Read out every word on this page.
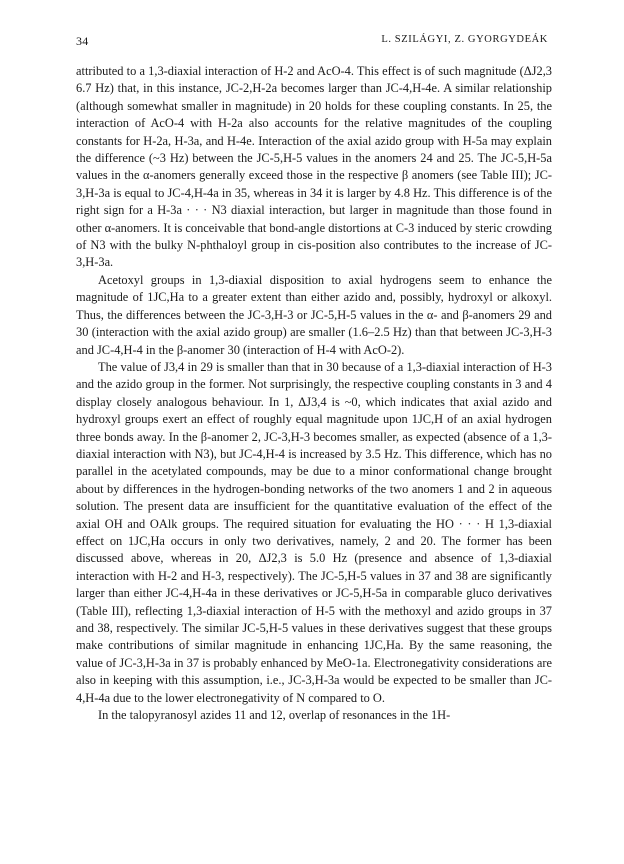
34	L. SZILÁGYI, Z. GYORGYDEÁK

attributed to a 1,3-diaxial interaction of H-2 and AcO-4. This effect is of such magnitude (ΔJ2,3 6.7 Hz) that, in this instance, JC-2,H-2a becomes larger than JC-4,H-4e. A similar relationship (although somewhat smaller in magnitude) in 20 holds for these coupling constants. In 25, the interaction of AcO-4 with H-2a also accounts for the relative magnitudes of the coupling constants for H-2a, H-3a, and H-4e. Interaction of the axial azido group with H-5a may explain the difference (~3 Hz) between the JC-5,H-5 values in the anomers 24 and 25. The JC-5,H-5a values in the α-anomers generally exceed those in the respective β anomers (see Table III); JC-3,H-3a is equal to JC-4,H-4a in 35, whereas in 34 it is larger by 4.8 Hz. This difference is of the right sign for a H-3a · · · N3 diaxial interaction, but larger in magnitude than those found in other α-anomers. It is conceivable that bond-angle distortions at C-3 induced by steric crowding of N3 with the bulky N-phthaloyl group in cis-position also contributes to the increase of JC-3,H-3a.

Acetoxyl groups in 1,3-diaxial disposition to axial hydrogens seem to enhance the magnitude of 1JC,Ha to a greater extent than either azido and, possibly, hydroxyl or alkoxyl. Thus, the differences between the JC-3,H-3 or JC-5,H-5 values in the α- and β-anomers 29 and 30 (interaction with the axial azido group) are smaller (1.6–2.5 Hz) than that between JC-3,H-3 and JC-4,H-4 in the β-anomer 30 (interaction of H-4 with AcO-2).

The value of J3,4 in 29 is smaller than that in 30 because of a 1,3-diaxial interaction of H-3 and the azido group in the former. Not surprisingly, the respective coupling constants in 3 and 4 display closely analogous behaviour. In 1, ΔJ3,4 is ~0, which indicates that axial azido and hydroxyl groups exert an effect of roughly equal magnitude upon 1JC,H of an axial hydrogen three bonds away. In the β-anomer 2, JC-3,H-3 becomes smaller, as expected (absence of a 1,3-diaxial interaction with N3), but JC-4,H-4 is increased by 3.5 Hz. This difference, which has no parallel in the acetylated compounds, may be due to a minor conformational change brought about by differences in the hydrogen-bonding networks of the two anomers 1 and 2 in aqueous solution. The present data are insufficient for the quantitative evaluation of the effect of the axial OH and OAlk groups. The required situation for evaluating the HO · · · H 1,3-diaxial effect on 1JC,Ha occurs in only two derivatives, namely, 2 and 20. The former has been discussed above, whereas in 20, ΔJ2,3 is 5.0 Hz (presence and absence of 1,3-diaxial interaction with H-2 and H-3, respectively). The JC-5,H-5 values in 37 and 38 are significantly larger than either JC-4,H-4a in these derivatives or JC-5,H-5a in comparable gluco derivatives (Table III), reflecting 1,3-diaxial interaction of H-5 with the methoxyl and azido groups in 37 and 38, respectively. The similar JC-5,H-5 values in these derivatives suggest that these groups make contributions of similar magnitude in enhancing 1JC,Ha. By the same reasoning, the value of JC-3,H-3a in 37 is probably enhanced by MeO-1a. Electronegativity considerations are also in keeping with this assumption, i.e., JC-3,H-3a would be expected to be smaller than JC-4,H-4a due to the lower electronegativity of N compared to O.

In the talopyranosyl azides 11 and 12, overlap of resonances in the 1H-
